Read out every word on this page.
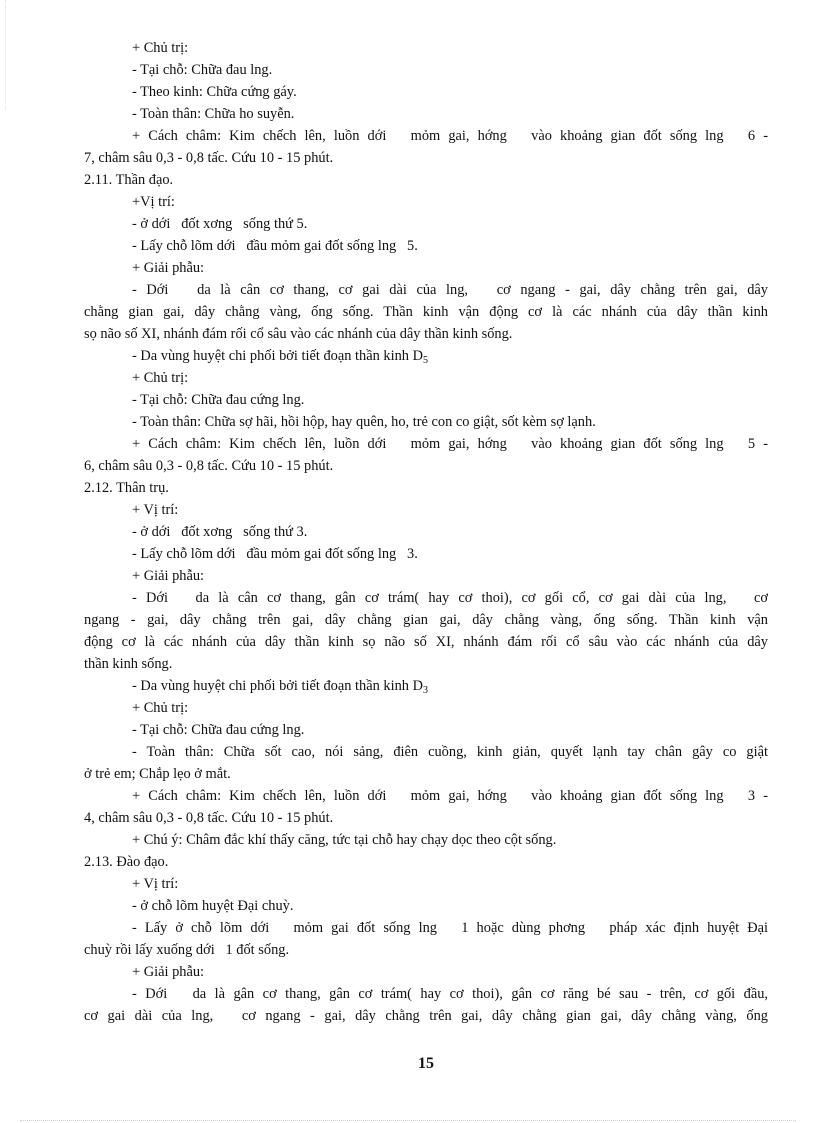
+ Chủ trị:
- Tại chỗ: Chữa đau lng.
- Theo kinh: Chữa cứng gáy.
- Toàn thân: Chữa ho suyễn.
+ Cách châm: Kim chếch lên, luồn dới   mỏm gai, hớng   vào khoảng gian đốt sống lng   6 -
7, châm sâu 0,3 - 0,8 tấc. Cứu 10 - 15 phút.
2.11. Thần đạo.
+Vị trí:
- ở dới   đốt xơng   sống thứ 5.
- Lấy chỗ lõm dới   đầu mỏm gai đốt sống lng   5.
+ Giải phẫu:
- Dới   da là cân cơ thang, cơ gai dài của lng,   cơ ngang - gai, dây chằng trên gai, dây
chằng gian gai, dây chằng vàng, ống sống. Thần kinh vận động cơ là các nhánh của dây thần kinh
sọ não số XI, nhánh đám rối cổ sâu vào các nhánh của dây thần kinh sống.
- Da vùng huyệt chi phối bởi tiết đoạn thần kinh $D_5$
+ Chủ trị:
- Tại chỗ: Chữa đau cứng lng.
- Toàn thân: Chữa sợ hãi, hồi hộp, hay quên, ho, trẻ con co giật, sốt kèm sợ lạnh.
+ Cách châm: Kim chếch lên, luồn dới   mỏm gai, hớng   vào khoảng gian đốt sống lng   5 -
6, châm sâu 0,3 - 0,8 tấc. Cứu 10 - 15 phút.
2.12. Thân trụ.
+ Vị trí:
- ở dới   đốt xơng   sống thứ 3.
- Lấy chỗ lõm dới   đầu mỏm gai đốt sống lng   3.
+ Giải phẫu:
- Dới   da là cân cơ thang, gân cơ trám( hay cơ thoi), cơ gối cổ, cơ gai dài của lng,   cơ
ngang - gai, dây chằng trên gai, dây chằng gian gai, dây chằng vàng, ống sống. Thần kinh vận
động cơ là các nhánh của dây thần kinh sọ não số XI, nhánh đám rối cổ sâu vào các nhánh của dây
thần kinh sống.
- Da vùng huyệt chi phối bởi tiết đoạn thần kinh $D_3$
+ Chủ trị:
- Tại chỗ: Chữa đau cứng lng.
- Toàn thân: Chữa sốt cao, nói sảng, điên cuồng, kinh giản, quyết lạnh tay chân gây co giật
ở trẻ em; Chắp lẹo ở mắt.
+ Cách châm: Kim chếch lên, luồn dới   mỏm gai, hớng   vào khoảng gian đốt sống lng   3 -
4, châm sâu 0,3 - 0,8 tấc. Cứu 10 - 15 phút.
+ Chú ý: Châm đắc khí thấy căng, tức tại chỗ hay chạy dọc theo cột sống.
2.13. Đào đạo.
+ Vị trí:
- ở chỗ lõm huyệt Đại chuỳ.
- Lấy ở chỗ lõm dới   mỏm gai đốt sống lng   1 hoặc dùng phơng   pháp xác định huyệt Đại
chuỳ rồi lấy xuống dới   1 đốt sống.
+ Giải phẫu:
- Dới   da là gân cơ thang, gân cơ trám( hay cơ thoi), gân cơ răng bé sau - trên, cơ gối đầu,
cơ gai dài của lng,   cơ ngang - gai, dây chằng trên gai, dây chằng gian gai, dây chằng vàng, ống
15
